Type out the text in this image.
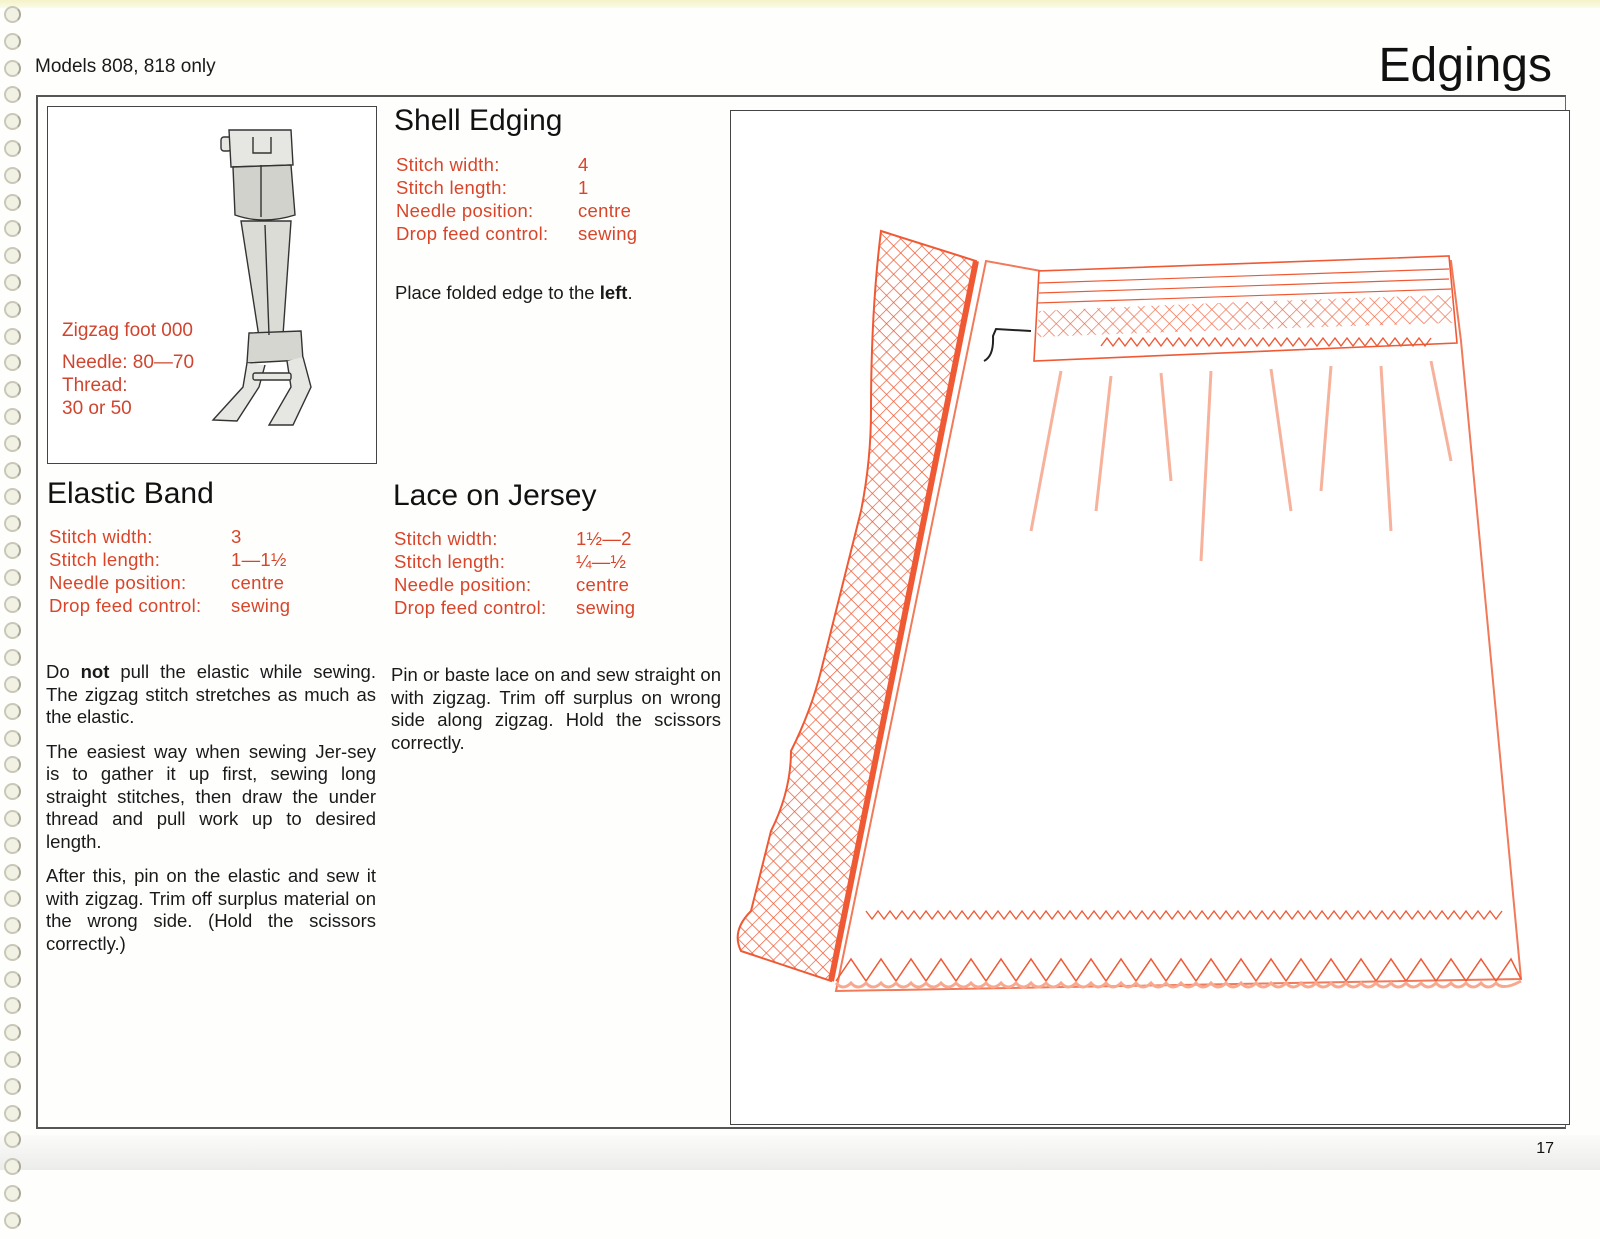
Models 808, 818 only	Edgings
Zigzag foot 000
Needle: 80—70
Thread:
30 or 50
Shell Edging
Stitch width:	4
Stitch length:	1
Needle position:	centre
Drop feed control:	sewing
Place folded edge to the left.
Elastic Band
Stitch width:	3
Stitch length:	1—1½
Needle position:	centre
Drop feed control:	sewing

Do not pull the elastic while sewing. The zigzag stitch stretches as much as the elastic.

The easiest way when sewing Jer-sey is to gather it up first, sewing long straight stitches, then draw the under thread and pull work up to desired length.

After this, pin on the elastic and sew it with zigzag. Trim off surplus material on the wrong side. (Hold the scissors correctly.)

Lace on Jersey
Stitch width:	1½—2
Stitch length:	¼—½
Needle position:	centre
Drop feed control:	sewing

Pin or baste lace on and sew straight on with zigzag. Trim off surplus on wrong side along zigzag. Hold the scissors correctly.

17
